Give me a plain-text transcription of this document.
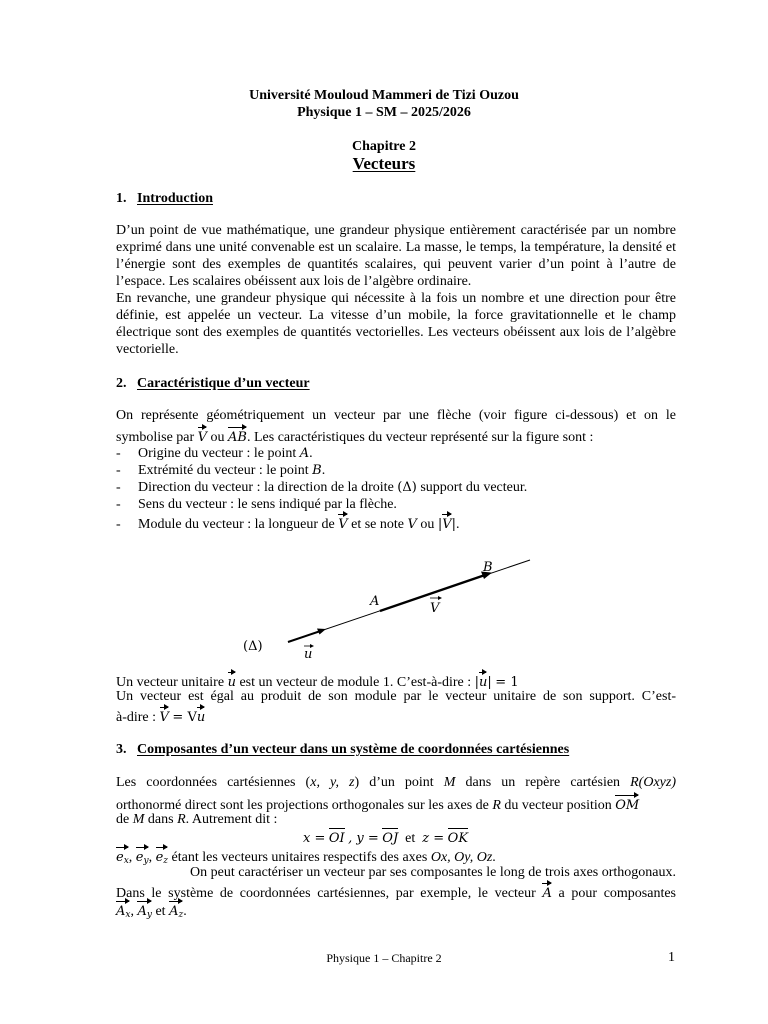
Université Mouloud Mammeri de Tizi Ouzou
Physique 1 – SM – 2025/2026
Chapitre 2
Vecteurs
1. Introduction
D’un point de vue mathématique, une grandeur physique entièrement caractérisée par un nombre exprimé dans une unité convenable est un scalaire. La masse, le temps, la température, la densité et l’énergie sont des exemples de quantités scalaires, qui peuvent varier d’un point à l’autre de l’espace. Les scalaires obéissent aux lois de l’algèbre ordinaire.
En revanche, une grandeur physique qui nécessite à la fois un nombre et une direction pour être définie, est appelée un vecteur. La vitesse d’un mobile, la force gravitationnelle et le champ électrique sont des exemples de quantités vectorielles. Les vecteurs obéissent aux lois de l’algèbre vectorielle.
2. Caractéristique d’un vecteur
On représente géométriquement un vecteur par une flèche (voir figure ci-dessous) et on le
symbolise par V ou AB. Les caractéristiques du vecteur représenté sur la figure sont :
- Origine du vecteur : le point A.
- Extrémité du vecteur : le point B.
- Direction du vecteur : la direction de la droite (Δ) support du vecteur.
- Sens du vecteur : le sens indiqué par la flèche.
- Module du vecteur : la longueur de V et se note V ou |V|.
A
B
V
(Δ)
u
Un vecteur unitaire u est un vecteur de module 1. C’est-à-dire : |u| = 1
Un vecteur est égal au produit de son module par le vecteur unitaire de son support. C’est-
à-dire : V = Vu
3. Composantes d’un vecteur dans un système de coordonnées cartésiennes
Les coordonnées cartésiennes (x, y, z) d’un point M dans un repère cartésien R(Oxyz)
orthonormé direct sont les projections orthogonales sur les axes de R du vecteur position OM
de M dans R. Autrement dit :
x = OI , y = OJ et z = OK
$e_x$, $e_y$, $e_z$ étant les vecteurs unitaires respectifs des axes Ox, Oy, Oz.
On peut caractériser un vecteur par ses composantes le long de trois axes orthogonaux.
Dans le système de coordonnées cartésiennes, par exemple, le vecteur A a pour composantes
$A_x$, $A_y$ et $A_z$.
Physique 1 – Chapitre 2	1
